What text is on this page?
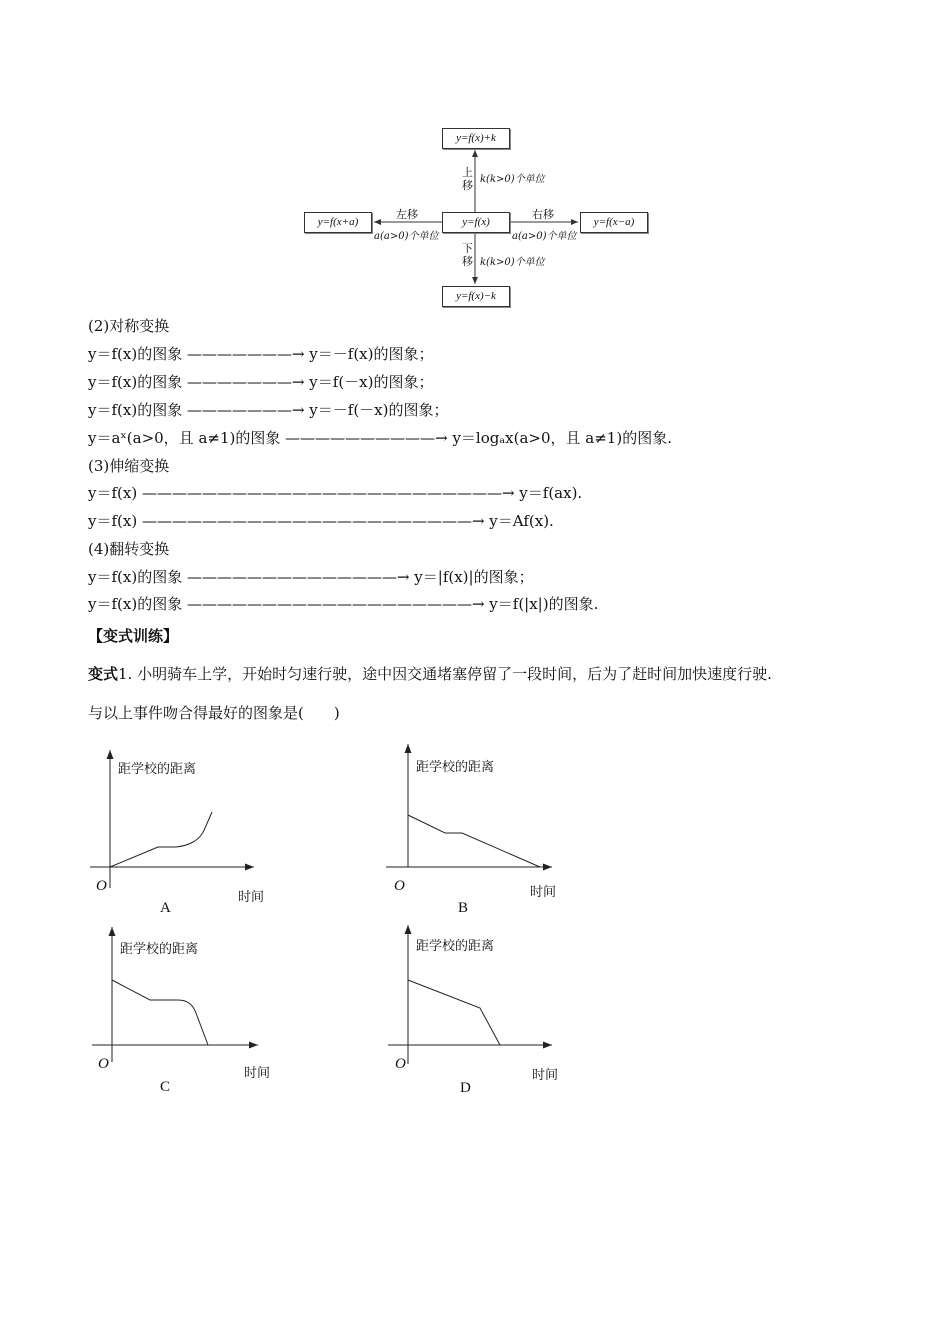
y=f(x)
y=f(x)+k
y=f(x)−k
y=f(x+a)	y=f(x−a)
上移
下移
k(k>0)个单位
k(k>0)个单位
左移	右移
a(a>0)个单位	a(a>0)个单位
(2)对称变换
y＝f(x)的图象 ———————→ y＝－f(x)的图象；
y＝f(x)的图象 ———————→ y＝f(－x)的图象；
y＝f(x)的图象 ———————→ y＝－f(－x)的图象；
y＝aˣ(a>0，且 a≠1)的图象 ——————————→ y＝logₐx(a>0，且 a≠1)的图象.
(3)伸缩变换
y＝f(x) ————————————————————————→ y＝f(ax).
y＝f(x) ——————————————————————→ y＝Af(x).
(4)翻转变换
y＝f(x)的图象 ——————————————→ y＝|f(x)|的图象；
y＝f(x)的图象 ———————————————————→ y＝f(|x|)的图象.
【变式训练】
变式1. 小明骑车上学，开始时匀速行驶，途中因交通堵塞停留了一段时间，后为了赶时间加快速度行驶.
与以上事件吻合得最好的图象是(　　)
距学校的距离
时间
O
A
距学校的距离
时间
O
B
距学校的距离
时间
O
C
距学校的距离
时间
O
D
